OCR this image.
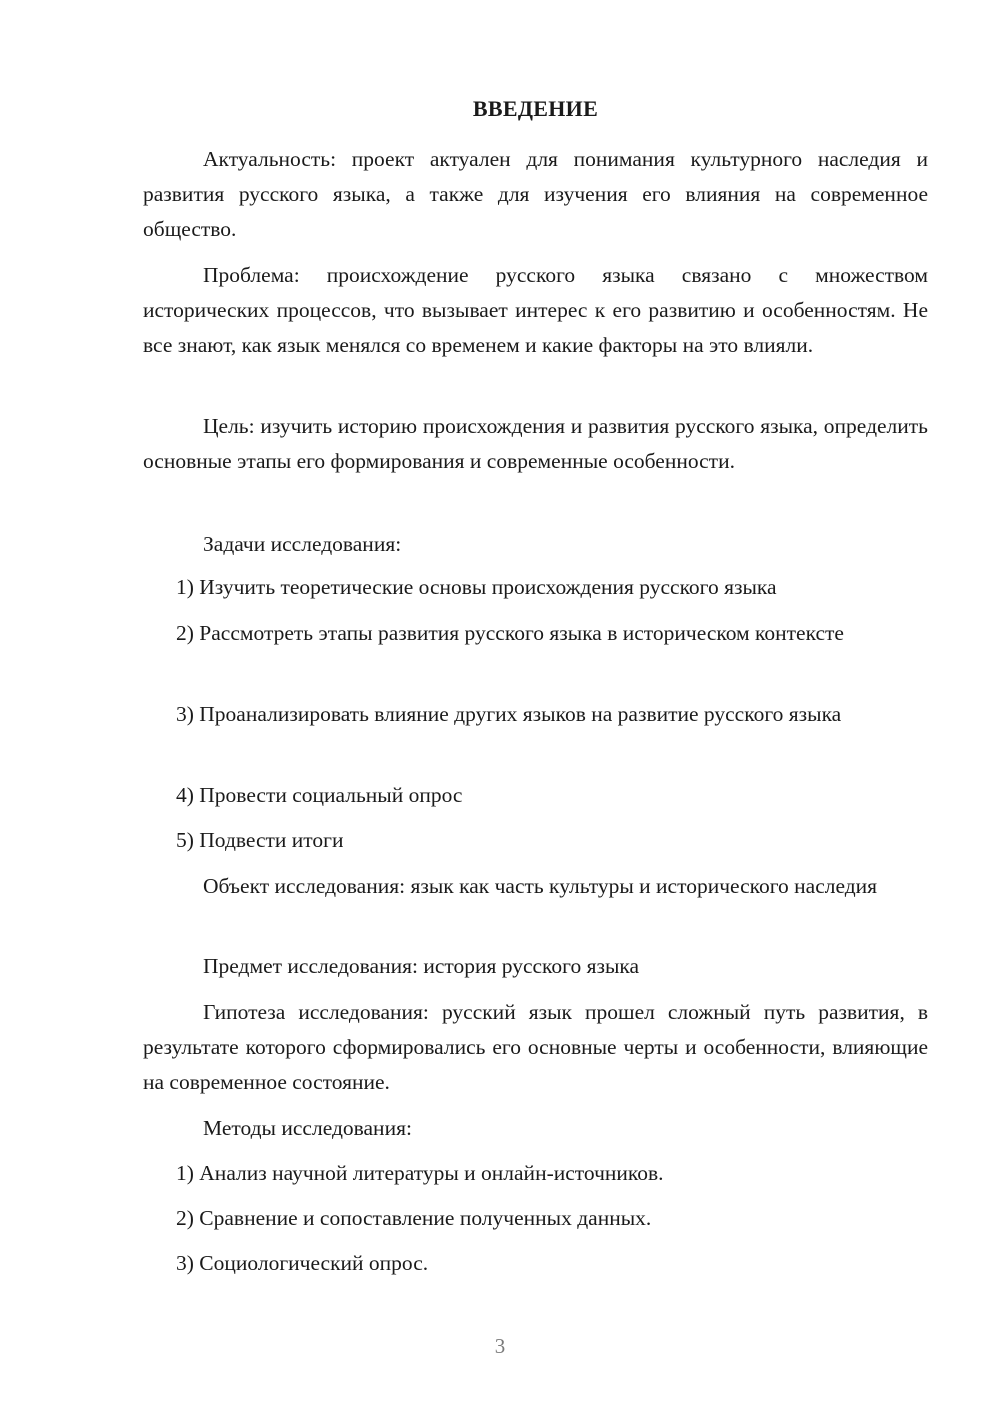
ВВЕДЕНИЕ

Актуальность: проект актуален для понимания культурного наследия и развития русского языка, а также для изучения его влияния на современное общество.

Проблема: происхождение русского языка связано с множеством исторических процессов, что вызывает интерес к его развитию и особенностям. Не все знают, как язык менялся со временем и какие факторы на это влияли.

Цель: изучить историю происхождения и развития русского языка, определить основные этапы его формирования и современные особенности.

Задачи исследования:

1) Изучить теоретические основы происхождения русского языка

2) Рассмотреть этапы развития русского языка в историческом контексте

3) Проанализировать влияние других языков на развитие русского языка

4) Провести социальный опрос

5) Подвести итоги

Объект исследования: язык как часть культуры и исторического наследия

Предмет исследования: история русского языка

Гипотеза исследования: русский язык прошел сложный путь развития, в результате которого сформировались его основные черты и особенности, влияющие на современное состояние.

Методы исследования:

1) Анализ научной литературы и онлайн-источников.

2) Сравнение и сопоставление полученных данных.

3) Социологический опрос.

3
